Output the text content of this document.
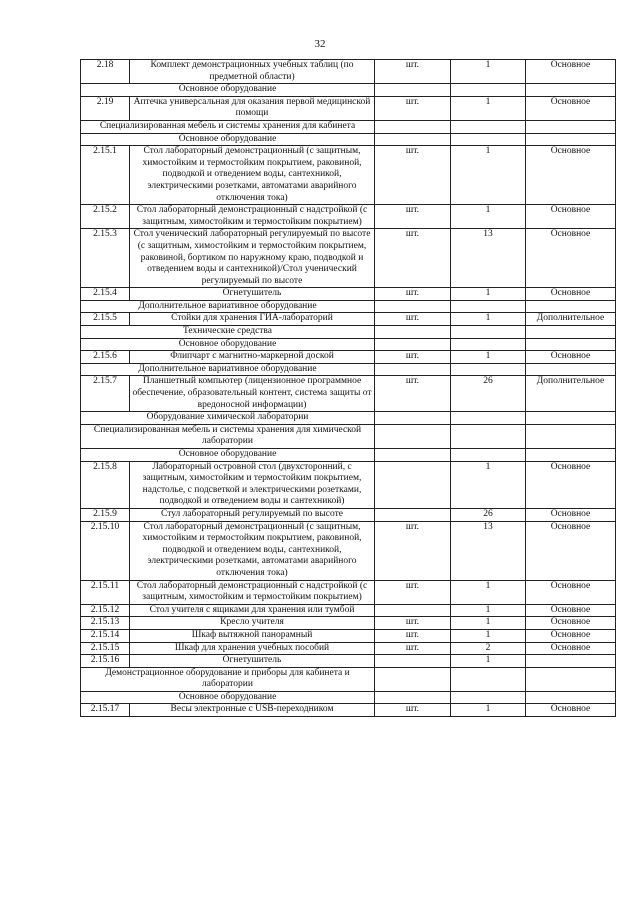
32
2.18	Комплект демонстрационных учебных таблиц (по предметной области)	шт.	1	Основное
Основное оборудование				
2.19	Аптечка универсальная для оказания первой медицинской помощи	шт.	1	Основное
Специализированная мебель и системы хранения для кабинета				
Основное оборудование				
2.15.1	Стол лабораторный демонстрационный (с защитным, химостойким и термостойким покрытием, раковиной, подводкой и отведением воды, сантехникой, электрическими розетками, автоматами аварийного отключения тока)	шт.	1	Основное
2.15.2	Стол лабораторный демонстрационный с надстройкой (с защитным, химостойким и термостойким покрытием)	шт.	1	Основное
2.15.3	Стол ученический лабораторный регулируемый по высоте (с защитным, химостойким и термостойким покрытием, раковиной, бортиком по наружному краю, подводкой и отведением воды и сантехникой)/Стол ученический регулируемый по высоте	шт.	13	Основное
2.15.4	Огнетушитель	шт.	1	Основное
Дополнительное вариативное оборудование				
2.15.5	Стойки для хранения ГИА-лабораторий	шт.	1	Дополнительное
Технические средства				
Основное оборудование				
2.15.6	Флипчарт с магнитно-маркерной доской	шт.	1	Основное
Дополнительное вариативное оборудование				
2.15.7	Планшетный компьютер (лицензионное программное обеспечение, образовательный контент, система защиты от вредоносной информации)	шт.	26	Дополнительное
Оборудование химической лаборатории				
Специализированная мебель и системы хранения для химической лаборатории				
Основное оборудование				
2.15.8	Лабораторный островной стол (двухсторонний, с защитным, химостойким и термостойким покрытием, надстолье, с подсветкой и электрическими розетками, подводкой и отведением воды и сантехникой)		1	Основное
2.15.9	Стул лабораторный регулируемый по высоте		26	Основное
2.15.10	Стол лабораторный демонстрационный (с защитным, химостойким и термостойким покрытием, раковиной, подводкой и отведением воды, сантехникой, электрическими розетками, автоматами аварийного отключения тока)	шт.	13	Основное
2.15.11	Стол лабораторный демонстрационный с надстройкой (с защитным, химостойким и термостойким покрытием)	шт.	1	Основное
2.15.12	Стол учителя с ящиками для хранения или тумбой		1	Основное
2.15.13	Кресло учителя	шт.	1	Основное
2.15.14	Шкаф вытяжной панорамный	шт.	1	Основное
2.15.15	Шкаф для хранения учебных пособий	шт.	2	Основное
2.15.16	Огнетушитель		1	
Демонстрационное оборудование и приборы для кабинета и лаборатории				
Основное оборудование				
2.15.17	Весы электронные с USB-переходником	шт.	1	Основное
